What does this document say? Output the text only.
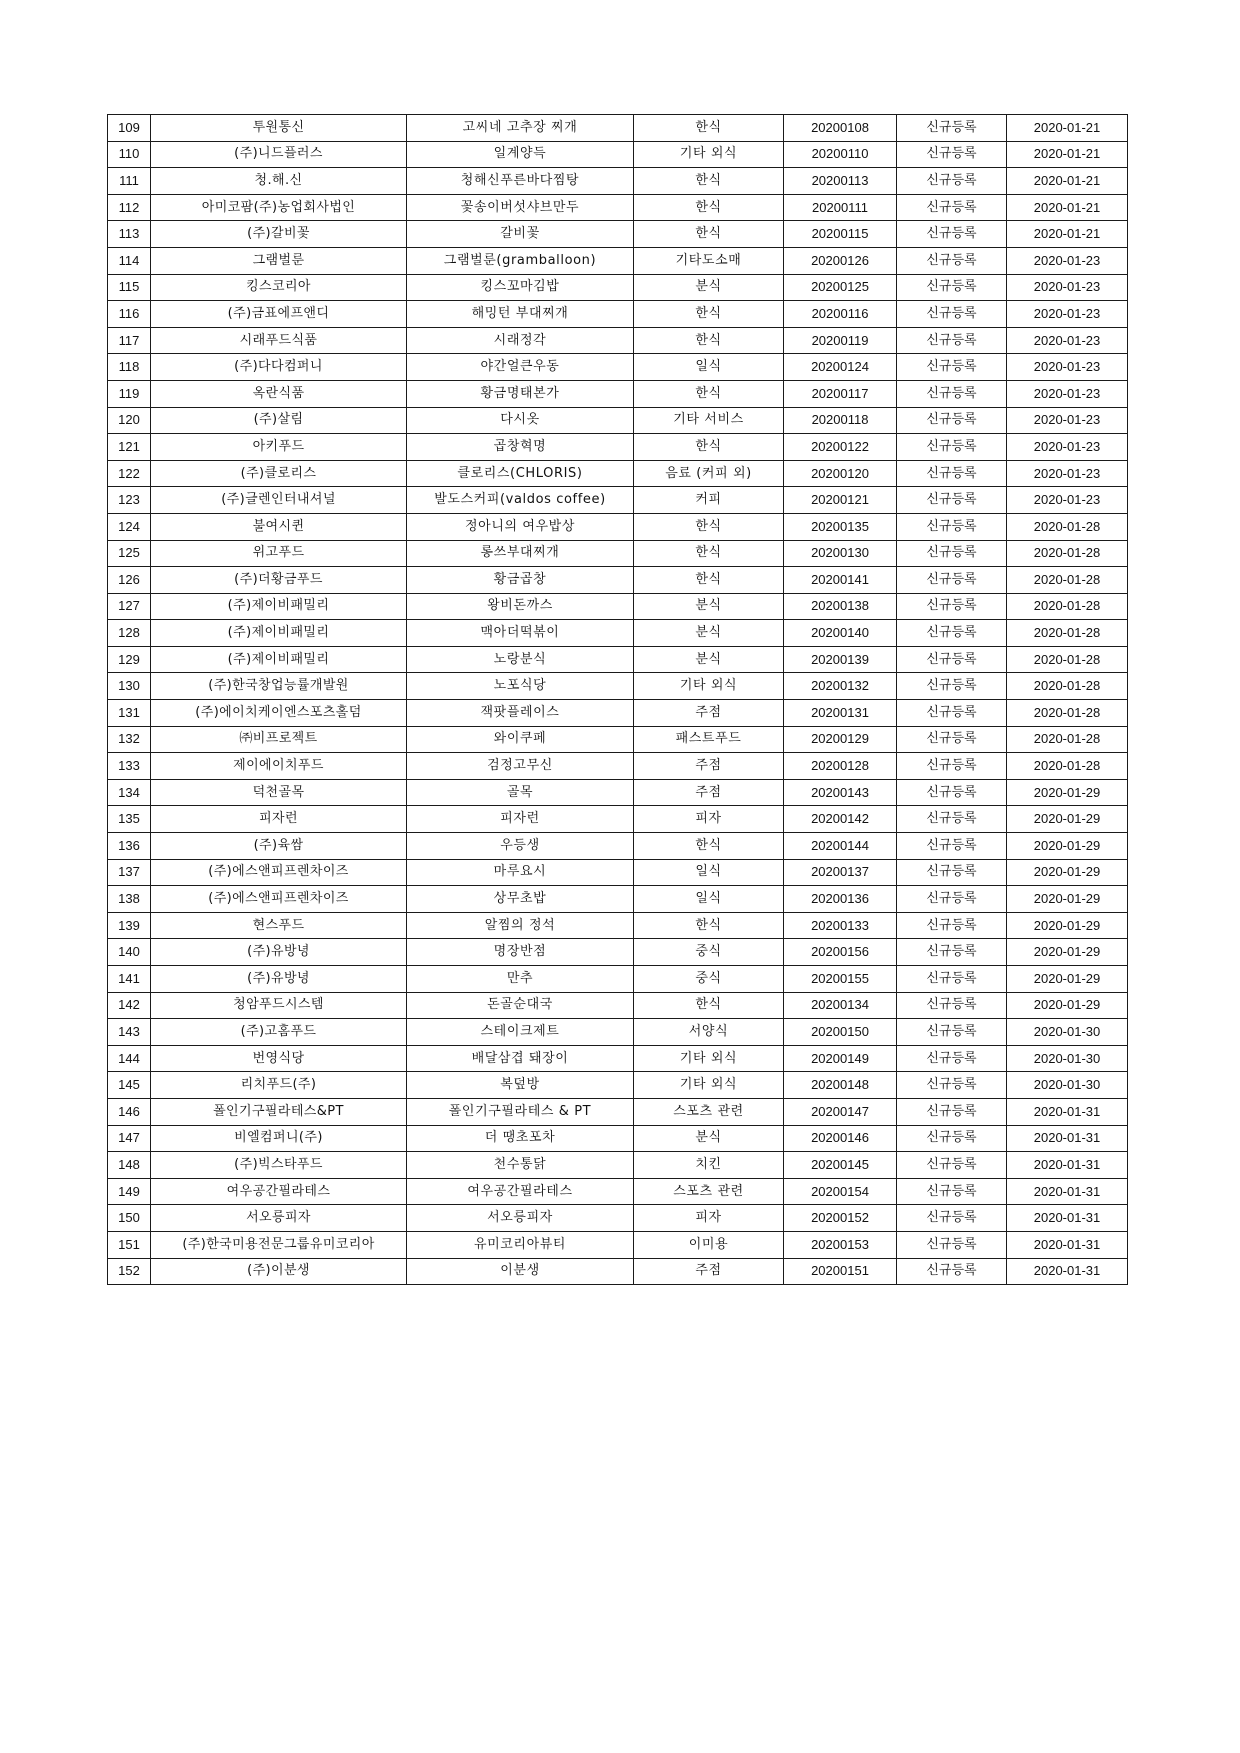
109	투원통신	고씨네 고추장 찌개	한식	20200108	신규등록	2020-01-21
110	(주)니드플러스	일계양득	기타 외식	20200110	신규등록	2020-01-21
111	청.해.신	청해신푸른바다찜탕	한식	20200113	신규등록	2020-01-21
112	아미코팜(주)농업회사법인	꽃송이버섯샤브만두	한식	20200111	신규등록	2020-01-21
113	(주)갈비꽃	갈비꽃	한식	20200115	신규등록	2020-01-21
114	그램벌룬	그램벌룬(gramballoon)	기타도소매	20200126	신규등록	2020-01-23
115	킹스코리아	킹스꼬마김밥	분식	20200125	신규등록	2020-01-23
116	(주)금표에프앤디	해밍턴 부대찌개	한식	20200116	신규등록	2020-01-23
117	시래푸드식품	시래정각	한식	20200119	신규등록	2020-01-23
118	(주)다다컴퍼니	야간얼큰우동	일식	20200124	신규등록	2020-01-23
119	옥란식품	황금명태본가	한식	20200117	신규등록	2020-01-23
120	(주)살림	다시옷	기타 서비스	20200118	신규등록	2020-01-23
121	아키푸드	곱창혁명	한식	20200122	신규등록	2020-01-23
122	(주)클로리스	클로리스(CHLORIS)	음료 (커피 외)	20200120	신규등록	2020-01-23
123	(주)글렌인터내셔널	발도스커피(valdos coffee)	커피	20200121	신규등록	2020-01-23
124	불여시퀸	정아니의 여우밥상	한식	20200135	신규등록	2020-01-28
125	위고푸드	롱쓰부대찌개	한식	20200130	신규등록	2020-01-28
126	(주)더황금푸드	황금곱창	한식	20200141	신규등록	2020-01-28
127	(주)제이비패밀리	왕비돈까스	분식	20200138	신규등록	2020-01-28
128	(주)제이비패밀리	맥아더떡볶이	분식	20200140	신규등록	2020-01-28
129	(주)제이비패밀리	노랑분식	분식	20200139	신규등록	2020-01-28
130	(주)한국창업능률개발원	노포식당	기타 외식	20200132	신규등록	2020-01-28
131	(주)에이치케이엔스포츠홀덤	잭팟플레이스	주점	20200131	신규등록	2020-01-28
132	㈜비프로젝트	와이쿠페	패스트푸드	20200129	신규등록	2020-01-28
133	제이에이치푸드	검정고무신	주점	20200128	신규등록	2020-01-28
134	덕천골목	골목	주점	20200143	신규등록	2020-01-29
135	피자런	피자런	피자	20200142	신규등록	2020-01-29
136	(주)육쌈	우등생	한식	20200144	신규등록	2020-01-29
137	(주)에스앤피프렌차이즈	마루요시	일식	20200137	신규등록	2020-01-29
138	(주)에스앤피프렌차이즈	상무초밥	일식	20200136	신규등록	2020-01-29
139	현스푸드	알찜의 정석	한식	20200133	신규등록	2020-01-29
140	(주)유방녕	명장반점	중식	20200156	신규등록	2020-01-29
141	(주)유방녕	만추	중식	20200155	신규등록	2020-01-29
142	청암푸드시스템	돈골순대국	한식	20200134	신규등록	2020-01-29
143	(주)고홈푸드	스테이크제트	서양식	20200150	신규등록	2020-01-30
144	번영식당	배달삼겹 돼장이	기타 외식	20200149	신규등록	2020-01-30
145	리치푸드(주)	복덮방	기타 외식	20200148	신규등록	2020-01-30
146	폴인기구필라테스&PT	폴인기구필라테스 & PT	스포츠 관련	20200147	신규등록	2020-01-31
147	비엘컴퍼니(주)	더 땡초포차	분식	20200146	신규등록	2020-01-31
148	(주)빅스타푸드	천수통닭	치킨	20200145	신규등록	2020-01-31
149	여우공간필라테스	여우공간필라테스	스포츠 관련	20200154	신규등록	2020-01-31
150	서오릉피자	서오릉피자	피자	20200152	신규등록	2020-01-31
151	(주)한국미용전문그룹유미코리아	유미코리아뷰티	이미용	20200153	신규등록	2020-01-31
152	(주)이분생	이분생	주점	20200151	신규등록	2020-01-31
